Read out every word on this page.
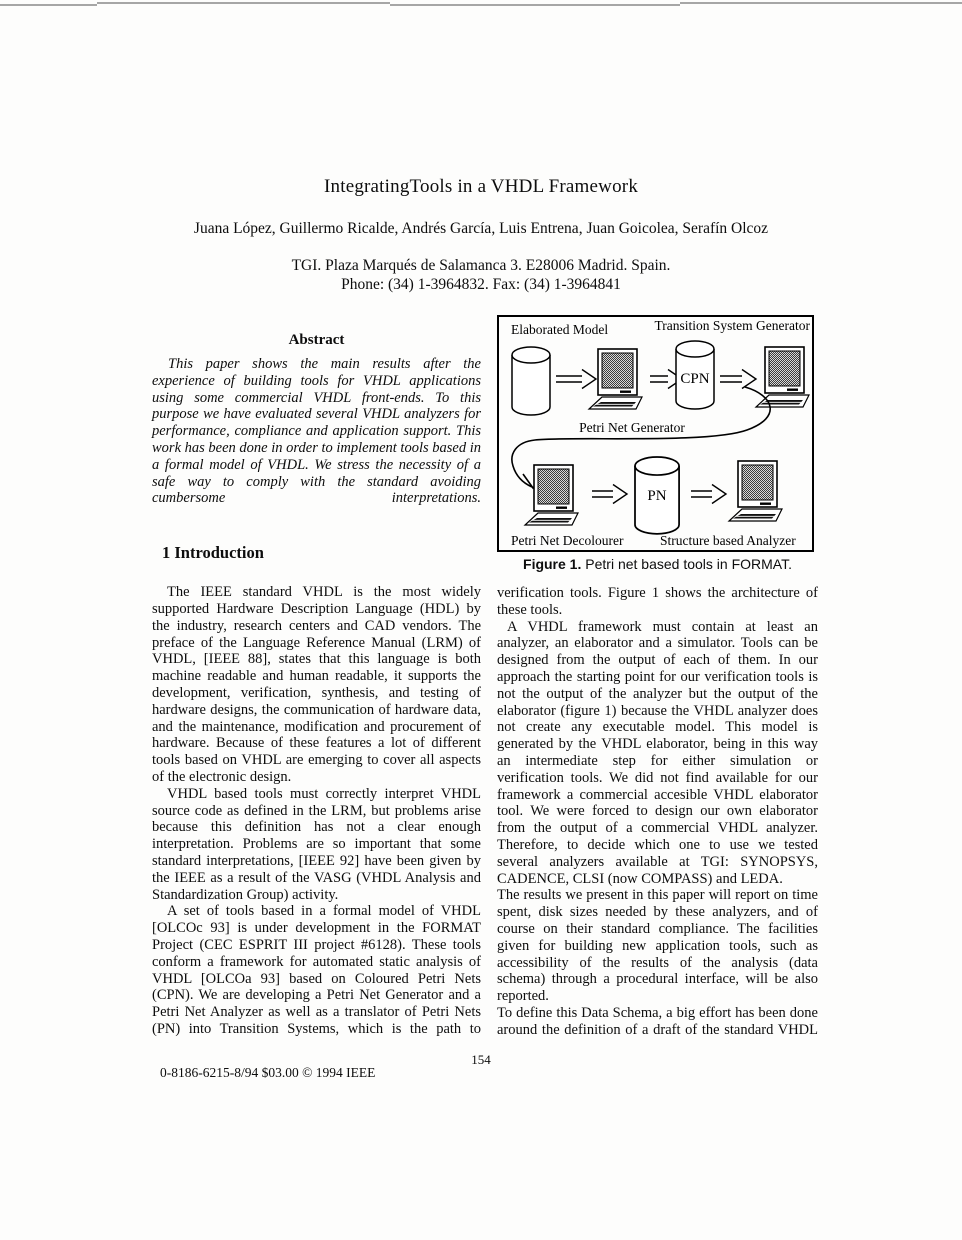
IntegratingTools in a VHDL Framework
Juana López, Guillermo Ricalde, Andrés García, Luis Entrena, Juan Goicolea, Serafín Olcoz
TGI. Plaza Marqués de Salamanca 3. E28006 Madrid. Spain.
Phone: (34) 1-3964832. Fax: (34) 1-3964841
Abstract

This paper shows the main results after the experience of building tools for VHDL applications using some commercial VHDL front-ends. To this purpose we have evaluated several VHDL analyzers for performance, compliance and application support. This work has been done in order to implement tools based in a formal model of VHDL. We stress the necessity of a safe way to comply with the standard avoiding cumbersome interpretations.

1 Introduction

The IEEE standard VHDL is the most widely supported Hardware Description Language (HDL) by the industry, research centers and CAD vendors. The preface of the Language Reference Manual (LRM) of VHDL, [IEEE 88], states that this language is both machine readable and human readable, it supports the development, verification, synthesis, and testing of hardware designs, the communication of hardware data, and the maintenance, modification and procurement of hardware. Because of these features a lot of different tools based on VHDL are emerging to cover all aspects of the electronic design.

VHDL based tools must correctly interpret VHDL source code as defined in the LRM, but problems arise because this definition has not a clear enough interpretation. Problems are so important that some standard interpretations, [IEEE 92] have been given by the IEEE as a result of the VASG (VHDL Analysis and Standardization Group) activity.

A set of tools based in a formal model of VHDL [OLCOc 93] is under development in the FORMAT Project (CEC ESPRIT III project #6128). These tools conform a framework for automated static analysis of VHDL [OLCOa 93] based on Coloured Petri Nets (CPN). We are developing a Petri Net Generator and a Petri Net Analyzer as well as a translator of Petri Nets (PN) into Transition Systems, which is the path to

Elaborated Model	Transition System Generator
CPN
Petri Net Generator
PN
Petri Net Decolourer	Structure based Analyzer
Figure 1. Petri net based tools in FORMAT.

verification tools. Figure 1 shows the architecture of these tools.

A VHDL framework must contain at least an analyzer, an elaborator and a simulator. Tools can be designed from the output of each of them. In our approach the starting point for our verification tools is not the output of the analyzer but the output of the elaborator (figure 1) because the VHDL analyzer does not create any executable model. This model is generated by the VHDL elaborator, being in this way an intermediate step for either simulation or verification tools. We did not find available for our framework a commercial accesible VHDL elaborator tool. We were forced to design our own elaborator from the output of a commercial VHDL analyzer. Therefore, to decide which one to use we tested several analyzers available at TGI: SYNOPSYS, CADENCE, CLSI (now COMPASS) and LEDA.

The results we present in this paper will report on time spent, disk sizes needed by these analyzers, and of course on their standard compliance. The facilities given for building new application tools, such as accessibility of the results of the analysis (data schema) through a procedural interface, will be also reported.

To define this Data Schema, a big effort has been done around the definition of a draft of the standard VHDL

154
0-8186-6215-8/94 $03.00 © 1994 IEEE
